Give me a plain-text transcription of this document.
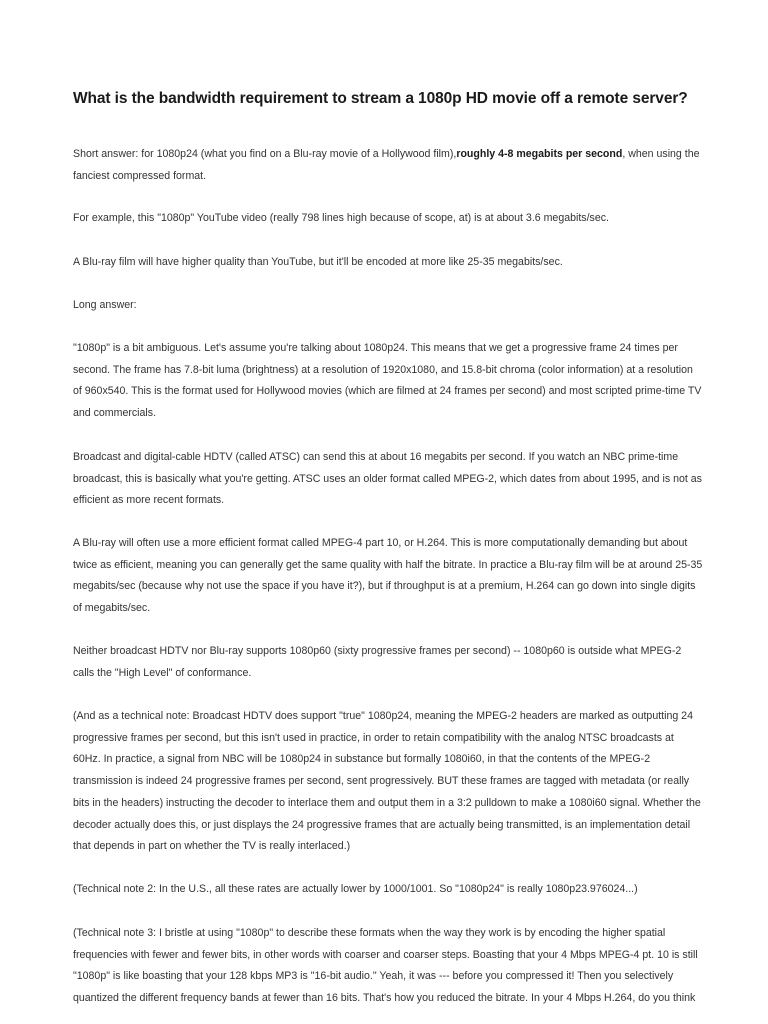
What is the bandwidth requirement to stream a 1080p HD movie off a remote server?

Short answer: for 1080p24 (what you find on a Blu-ray movie of a Hollywood film),roughly 4-8 megabits per second, when using the fanciest compressed format.

For example, this "1080p" YouTube video (really 798 lines high because of scope, at) is at about 3.6 megabits/sec.

A Blu-ray film will have higher quality than YouTube, but it'll be encoded at more like 25-35 megabits/sec.

Long answer:

"1080p" is a bit ambiguous. Let's assume you're talking about 1080p24. This means that we get a progressive frame 24 times per second. The frame has 7.8-bit luma (brightness) at a resolution of 1920x1080, and 15.8-bit chroma (color information) at a resolution of 960x540. This is the format used for Hollywood movies (which are filmed at 24 frames per second) and most scripted prime-time TV and commercials.

Broadcast and digital-cable HDTV (called ATSC) can send this at about 16 megabits per second. If you watch an NBC prime-time broadcast, this is basically what you're getting. ATSC uses an older format called MPEG-2, which dates from about 1995, and is not as efficient as more recent formats.

A Blu-ray will often use a more efficient format called MPEG-4 part 10, or H.264. This is more computationally demanding but about twice as efficient, meaning you can generally get the same quality with half the bitrate. In practice a Blu-ray film will be at around 25-35 megabits/sec (because why not use the space if you have it?), but if throughput is at a premium, H.264 can go down into single digits of megabits/sec.

Neither broadcast HDTV nor Blu-ray supports 1080p60 (sixty progressive frames per second) -- 1080p60 is outside what MPEG-2 calls the "High Level" of conformance.

(And as a technical note: Broadcast HDTV does support "true" 1080p24, meaning the MPEG-2 headers are marked as outputting 24 progressive frames per second, but this isn't used in practice, in order to retain compatibility with the analog NTSC broadcasts at 60Hz. In practice, a signal from NBC will be 1080p24 in substance but formally 1080i60, in that the contents of the MPEG-2 transmission is indeed 24 progressive frames per second, sent progressively. BUT these frames are tagged with metadata (or really bits in the headers) instructing the decoder to interlace them and output them in a 3:2 pulldown to make a 1080i60 signal. Whether the decoder actually does this, or just displays the 24 progressive frames that are actually being transmitted, is an implementation detail that depends in part on whether the TV is really interlaced.)

(Technical note 2: In the U.S., all these rates are actually lower by 1000/1001. So "1080p24" is really 1080p23.976024...)

(Technical note 3: I bristle at using "1080p" to describe these formats when the way they work is by encoding the higher spatial frequencies with fewer and fewer bits, in other words with coarser and coarser steps. Boasting that your 4 Mbps MPEG-4 pt. 10 is still "1080p" is like boasting that your 128 kbps MP3 is "16-bit audio." Yeah, it was --- before you compressed it! Then you selectively quantized the different frequency bands at fewer than 16 bits. That's how you reduced the bitrate. In your 4 Mbps H.264, do you think
